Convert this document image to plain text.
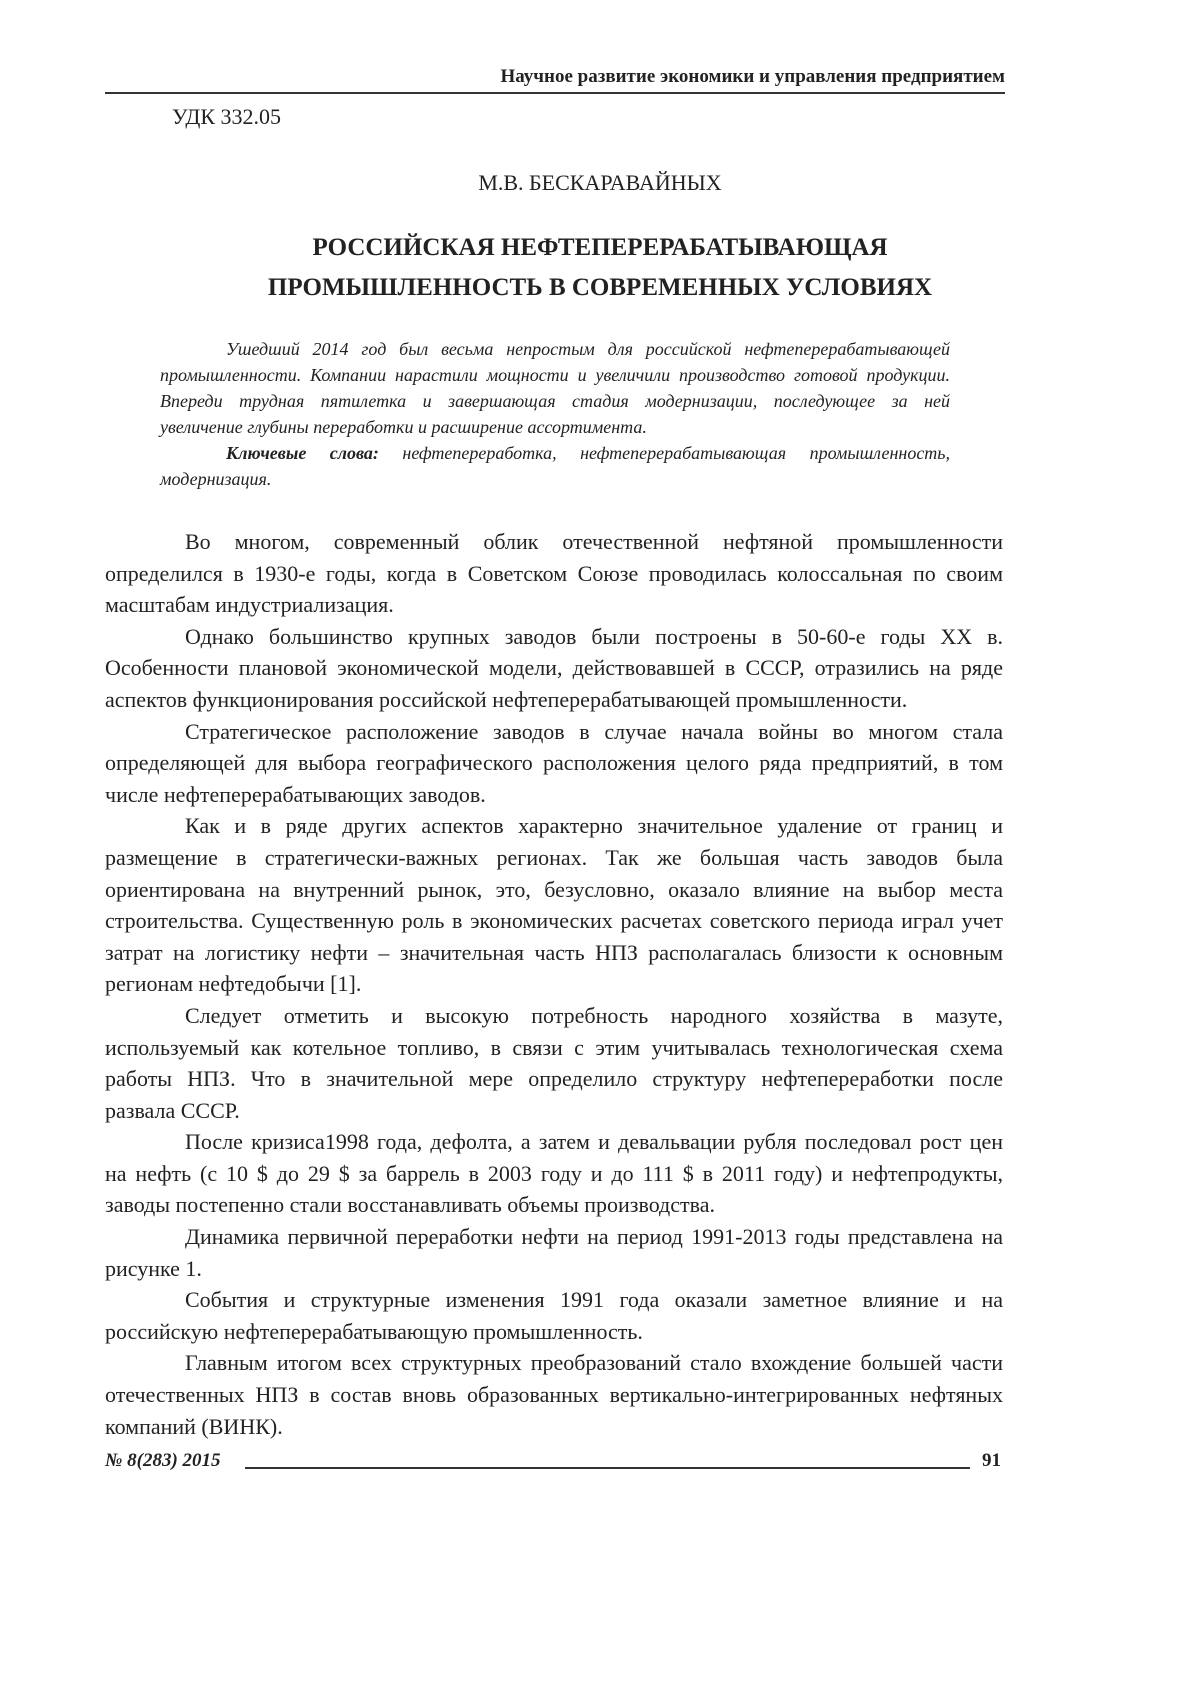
Научное развитие экономики и управления предприятием
УДК 332.05
М.В. БЕСКАРАВАЙНЫХ
РОССИЙСКАЯ НЕФТЕПЕРЕРАБАТЫВАЮЩАЯ
ПРОМЫШЛЕННОСТЬ В СОВРЕМЕННЫХ УСЛОВИЯХ
Ушедший 2014 год был весьма непростым для российской нефтеперерабатывающей
промышленности. Компании нарастили мощности и увеличили производство готовой продукции.
Впереди трудная пятилетка и завершающая стадия модернизации, последующее за ней
увеличение глубины переработки и расширение ассортимента.
Ключевые слова: нефтепереработка, нефтеперерабатывающая промышленность,
модернизация.
Во многом, современный облик отечественной нефтяной промышленности
определился в 1930-е годы, когда в Советском Союзе проводилась колоссальная по своим
масштабам индустриализация.
Однако большинство крупных заводов были построены в 50-60-е годы XX в.
Особенности плановой экономической модели, действовавшей в СССР, отразились на ряде
аспектов функционирования российской нефтеперерабатывающей промышленности.
Стратегическое расположение заводов в случае начала войны во многом стала
определяющей для выбора географического расположения целого ряда предприятий, в том
числе нефтеперерабатывающих заводов.
Как и в ряде других аспектов характерно значительное удаление от границ и
размещение в стратегически-важных регионах. Так же большая часть заводов была
ориентирована на внутренний рынок, это, безусловно, оказало влияние на выбор места
строительства. Существенную роль в экономических расчетах советского периода играл учет
затрат на логистику нефти – значительная часть НПЗ располагалась близости к основным
регионам нефтедобычи [1].
Следует отметить и высокую потребность народного хозяйства в мазуте,
используемый как котельное топливо, в связи с этим учитывалась технологическая схема
работы НПЗ. Что в значительной мере определило структуру нефтепереработки после
развала СССР.
После кризиса1998 года, дефолта, а затем и девальвации рубля последовал рост цен
на нефть (с 10 $ до 29 $ за баррель в 2003 году и до 111 $ в 2011 году) и нефтепродукты,
заводы постепенно стали восстанавливать объемы производства.
Динамика первичной переработки нефти на период 1991-2013 годы представлена на
рисунке 1.
События и структурные изменения 1991 года оказали заметное влияние и на
российскую нефтеперерабатывающую промышленность.
Главным итогом всех структурных преобразований стало вхождение большей части
отечественных НПЗ в состав вновь образованных вертикально-интегрированных нефтяных
компаний (ВИНК).
№ 8(283) 2015	91
